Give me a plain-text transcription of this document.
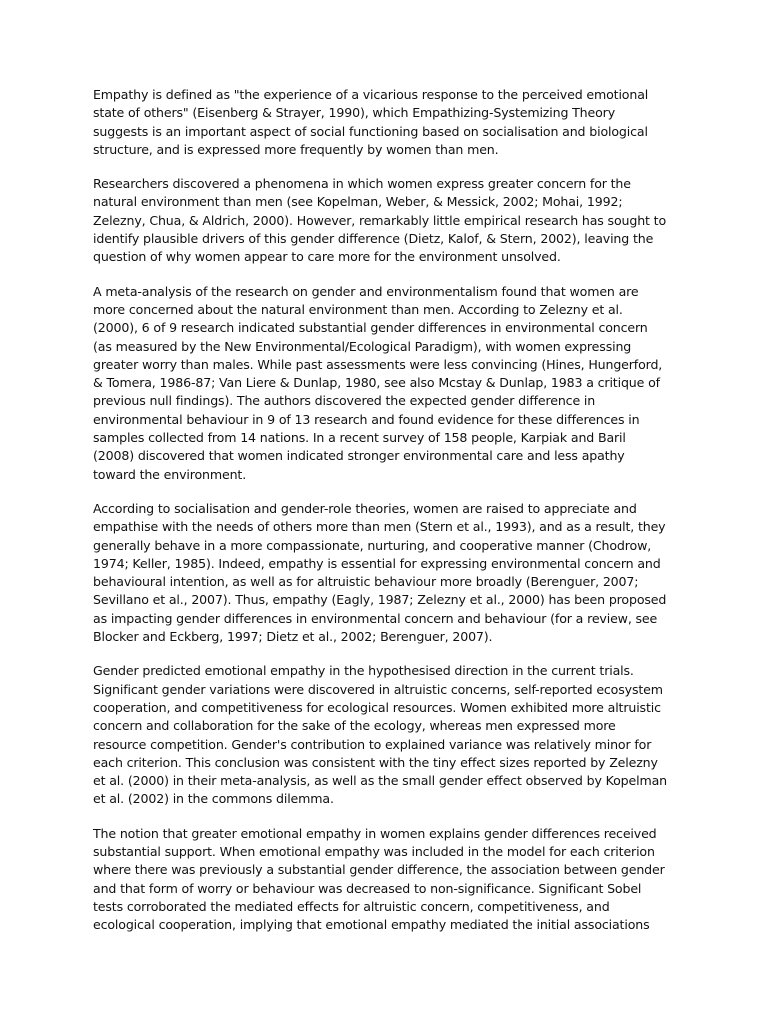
Empathy is defined as "the experience of a vicarious response to the perceived emotional
state of others" (Eisenberg & Strayer, 1990), which Empathizing-Systemizing Theory
suggests is an important aspect of social functioning based on socialisation and biological
structure, and is expressed more frequently by women than men.

Researchers discovered a phenomena in which women express greater concern for the
natural environment than men (see Kopelman, Weber, & Messick, 2002; Mohai, 1992;
Zelezny, Chua, & Aldrich, 2000). However, remarkably little empirical research has sought to
identify plausible drivers of this gender difference (Dietz, Kalof, & Stern, 2002), leaving the
question of why women appear to care more for the environment unsolved.

A meta-analysis of the research on gender and environmentalism found that women are
more concerned about the natural environment than men. According to Zelezny et al.
(2000), 6 of 9 research indicated substantial gender differences in environmental concern
(as measured by the New Environmental/Ecological Paradigm), with women expressing
greater worry than males. While past assessments were less convincing (Hines, Hungerford,
& Tomera, 1986-87; Van Liere & Dunlap, 1980, see also Mcstay & Dunlap, 1983 a critique of
previous null findings). The authors discovered the expected gender difference in
environmental behaviour in 9 of 13 research and found evidence for these differences in
samples collected from 14 nations. In a recent survey of 158 people, Karpiak and Baril
(2008) discovered that women indicated stronger environmental care and less apathy
toward the environment.

According to socialisation and gender-role theories, women are raised to appreciate and
empathise with the needs of others more than men (Stern et al., 1993), and as a result, they
generally behave in a more compassionate, nurturing, and cooperative manner (Chodrow,
1974; Keller, 1985). Indeed, empathy is essential for expressing environmental concern and
behavioural intention, as well as for altruistic behaviour more broadly (Berenguer, 2007;
Sevillano et al., 2007). Thus, empathy (Eagly, 1987; Zelezny et al., 2000) has been proposed
as impacting gender differences in environmental concern and behaviour (for a review, see
Blocker and Eckberg, 1997; Dietz et al., 2002; Berenguer, 2007).

Gender predicted emotional empathy in the hypothesised direction in the current trials.
Significant gender variations were discovered in altruistic concerns, self-reported ecosystem
cooperation, and competitiveness for ecological resources. Women exhibited more altruistic
concern and collaboration for the sake of the ecology, whereas men expressed more
resource competition. Gender's contribution to explained variance was relatively minor for
each criterion. This conclusion was consistent with the tiny effect sizes reported by Zelezny
et al. (2000) in their meta-analysis, as well as the small gender effect observed by Kopelman
et al. (2002) in the commons dilemma.

The notion that greater emotional empathy in women explains gender differences received
substantial support. When emotional empathy was included in the model for each criterion
where there was previously a substantial gender difference, the association between gender
and that form of worry or behaviour was decreased to non-significance. Significant Sobel
tests corroborated the mediated effects for altruistic concern, competitiveness, and
ecological cooperation, implying that emotional empathy mediated the initial associations
